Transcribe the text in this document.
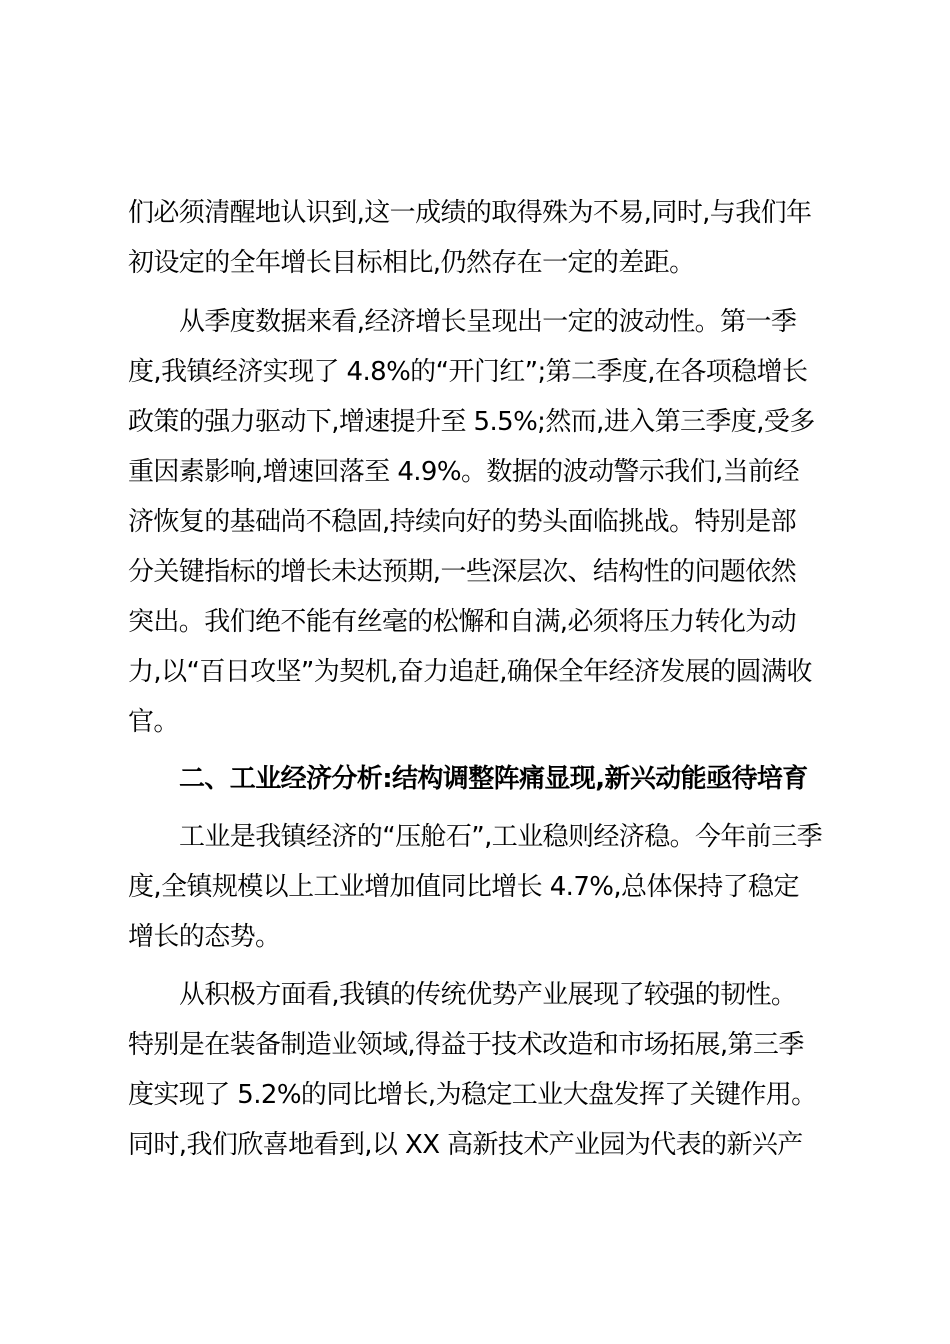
们必须清醒地认识到,这一成绩的取得殊为不易,同时,与我们年
初设定的全年增长目标相比,仍然存在一定的差距。
从季度数据来看,经济增长呈现出一定的波动性。第一季
度,我镇经济实现了 4.8%的“开门红”;第二季度,在各项稳增长
政策的强力驱动下,增速提升至 5.5%;然而,进入第三季度,受多
重因素影响,增速回落至 4.9%。数据的波动警示我们,当前经
济恢复的基础尚不稳固,持续向好的势头面临挑战。特别是部
分关键指标的增长未达预期,一些深层次、结构性的问题依然
突出。我们绝不能有丝毫的松懈和自满,必须将压力转化为动
力,以“百日攻坚”为契机,奋力追赶,确保全年经济发展的圆满收
官。
二、工业经济分析:结构调整阵痛显现,新兴动能亟待培育
工业是我镇经济的“压舱石”,工业稳则经济稳。今年前三季
度,全镇规模以上工业增加值同比增长 4.7%,总体保持了稳定
增长的态势。
从积极方面看,我镇的传统优势产业展现了较强的韧性。
特别是在装备制造业领域,得益于技术改造和市场拓展,第三季
度实现了 5.2%的同比增长,为稳定工业大盘发挥了关键作用。
同时,我们欣喜地看到,以 XX 高新技术产业园为代表的新兴产
